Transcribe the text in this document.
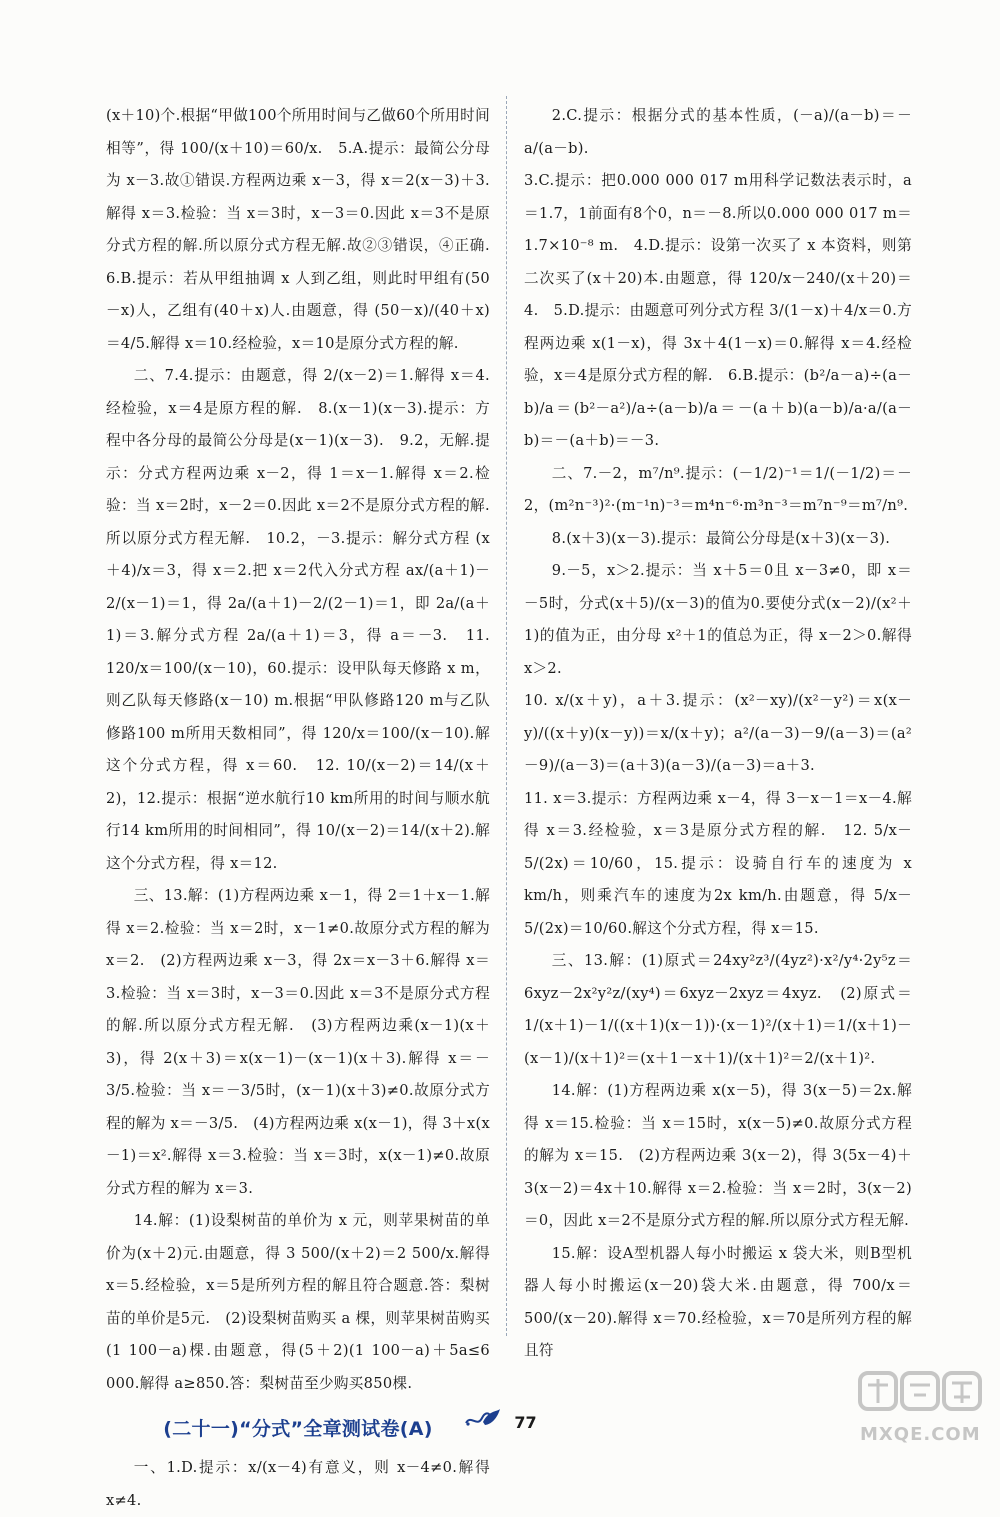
(x＋10)个.根据“甲做100个所用时间与乙做60个所用时间相等”，得 100/(x＋10)＝60/x.　5.A.提示：最简公分母为 x－3.故①错误.方程两边乘 x－3，得 x＝2(x－3)＋3.解得 x＝3.检验：当 x＝3时，x－3＝0.因此 x＝3不是原分式方程的解.所以原分式方程无解.故②③错误，④正确.　6.B.提示：若从甲组抽调 x 人到乙组，则此时甲组有(50－x)人，乙组有(40＋x)人.由题意，得 (50－x)/(40＋x)＝4/5.解得 x＝10.经检验，x＝10是原分式方程的解.

二、7.4.提示：由题意，得 2/(x－2)＝1.解得 x＝4.经检验，x＝4是原方程的解.　8.(x－1)(x－3).提示：方程中各分母的最简公分母是(x－1)(x－3).　9.2，无解.提示：分式方程两边乘 x－2，得 1＝x－1.解得 x＝2.检验：当 x＝2时，x－2＝0.因此 x＝2不是原分式方程的解.所以原分式方程无解.　10.2，－3.提示：解分式方程 (x＋4)/x＝3，得 x＝2.把 x＝2代入分式方程 ax/(a＋1)－2/(x－1)＝1，得 2a/(a＋1)－2/(2－1)＝1，即 2a/(a＋1)＝3.解分式方程 2a/(a＋1)＝3，得 a＝－3.　11. 120/x＝100/(x－10)，60.提示：设甲队每天修路 x m，则乙队每天修路(x－10) m.根据“甲队修路120 m与乙队修路100 m所用天数相同”，得 120/x＝100/(x－10).解这个分式方程，得 x＝60.　12. 10/(x－2)＝14/(x＋2)，12.提示：根据“逆水航行10 km所用的时间与顺水航行14 km所用的时间相同”，得 10/(x－2)＝14/(x＋2).解这个分式方程，得 x＝12.

三、13.解：(1)方程两边乘 x－1，得 2＝1＋x－1.解得 x＝2.检验：当 x＝2时，x－1≠0.故原分式方程的解为 x＝2.　(2)方程两边乘 x－3，得 2x＝x－3＋6.解得 x＝3.检验：当 x＝3时，x－3＝0.因此 x＝3不是原分式方程的解.所以原分式方程无解.　(3)方程两边乘(x－1)(x＋3)，得 2(x＋3)＝x(x－1)－(x－1)(x＋3).解得 x＝－3/5.检验：当 x＝－3/5时，(x－1)(x＋3)≠0.故原分式方程的解为 x＝－3/5.　(4)方程两边乘 x(x－1)，得 3＋x(x－1)＝x².解得 x＝3.检验：当 x＝3时，x(x－1)≠0.故原分式方程的解为 x＝3.

14.解：(1)设梨树苗的单价为 x 元，则苹果树苗的单价为(x＋2)元.由题意，得 3 500/(x＋2)＝2 500/x.解得 x＝5.经检验，x＝5是所列方程的解且符合题意.答：梨树苗的单价是5元.　(2)设梨树苗购买 a 棵，则苹果树苗购买(1 100－a)棵.由题意，得(5＋2)(1 100－a)＋5a≤6 000.解得 a≥850.答：梨树苗至少购买850棵.

(二十一)“分式”全章测试卷(A)

一、1.D.提示：x/(x－4)有意义，则 x－4≠0.解得 x≠4.

2.C.提示：根据分式的基本性质，(－a)/(a－b)＝－a/(a－b).

3.C.提示：把0.000 000 017 m用科学记数法表示时，a＝1.7，1前面有8个0，n＝－8.所以0.000 000 017 m＝1.7×10⁻⁸ m.　4.D.提示：设第一次买了 x 本资料，则第二次买了(x＋20)本.由题意，得 120/x－240/(x＋20)＝4.　5.D.提示：由题意可列分式方程 3/(1－x)＋4/x＝0.方程两边乘 x(1－x)，得 3x＋4(1－x)＝0.解得 x＝4.经检验，x＝4是原分式方程的解.　6.B.提示：(b²/a－a)÷(a－b)/a＝(b²－a²)/a÷(a－b)/a＝－(a＋b)(a－b)/a·a/(a－b)＝－(a＋b)＝－3.

二、7.－2，m⁷/n⁹.提示：(－1/2)⁻¹＝1/(－1/2)＝－2，(m²n⁻³)²·(m⁻¹n)⁻³＝m⁴n⁻⁶·m³n⁻³＝m⁷n⁻⁹＝m⁷/n⁹.

8.(x＋3)(x－3).提示：最简公分母是(x＋3)(x－3).

9.－5，x＞2.提示：当 x＋5＝0且 x－3≠0，即 x＝－5时，分式(x＋5)/(x－3)的值为0.要使分式(x－2)/(x²＋1)的值为正，由分母 x²＋1的值总为正，得 x－2＞0.解得 x＞2.

10. x/(x＋y)，a＋3.提示：(x²－xy)/(x²－y²)＝x(x－y)/((x＋y)(x－y))＝x/(x＋y)；a²/(a－3)－9/(a－3)＝(a²－9)/(a－3)＝(a＋3)(a－3)/(a－3)＝a＋3.

11. x＝3.提示：方程两边乘 x－4，得 3－x－1＝x－4.解得 x＝3.经检验，x＝3是原分式方程的解.　12. 5/x－5/(2x)＝10/60，15.提示：设骑自行车的速度为 x km/h，则乘汽车的速度为2x km/h.由题意，得 5/x－5/(2x)＝10/60.解这个分式方程，得 x＝15.

三、13.解：(1)原式＝24xy²z³/(4yz²)·x²/y⁴·2y⁵z＝6xyz－2x²y²z/(xy⁴)＝6xyz－2xyz＝4xyz.　(2)原式＝1/(x＋1)－1/((x＋1)(x－1))·(x－1)²/(x＋1)＝1/(x＋1)－(x－1)/(x＋1)²＝(x＋1－x＋1)/(x＋1)²＝2/(x＋1)².

14.解：(1)方程两边乘 x(x－5)，得 3(x－5)＝2x.解得 x＝15.检验：当 x＝15时，x(x－5)≠0.故原分式方程的解为 x＝15.　(2)方程两边乘 3(x－2)，得 3(5x－4)＋3(x－2)＝4x＋10.解得 x＝2.检验：当 x＝2时，3(x－2)＝0，因此 x＝2不是原分式方程的解.所以原分式方程无解.

15.解：设A型机器人每小时搬运 x 袋大米，则B型机器人每小时搬运(x－20)袋大米.由题意，得 700/x＝500/(x－20).解得 x＝70.经检验，x＝70是所列方程的解且符

77
MXQE.COM
